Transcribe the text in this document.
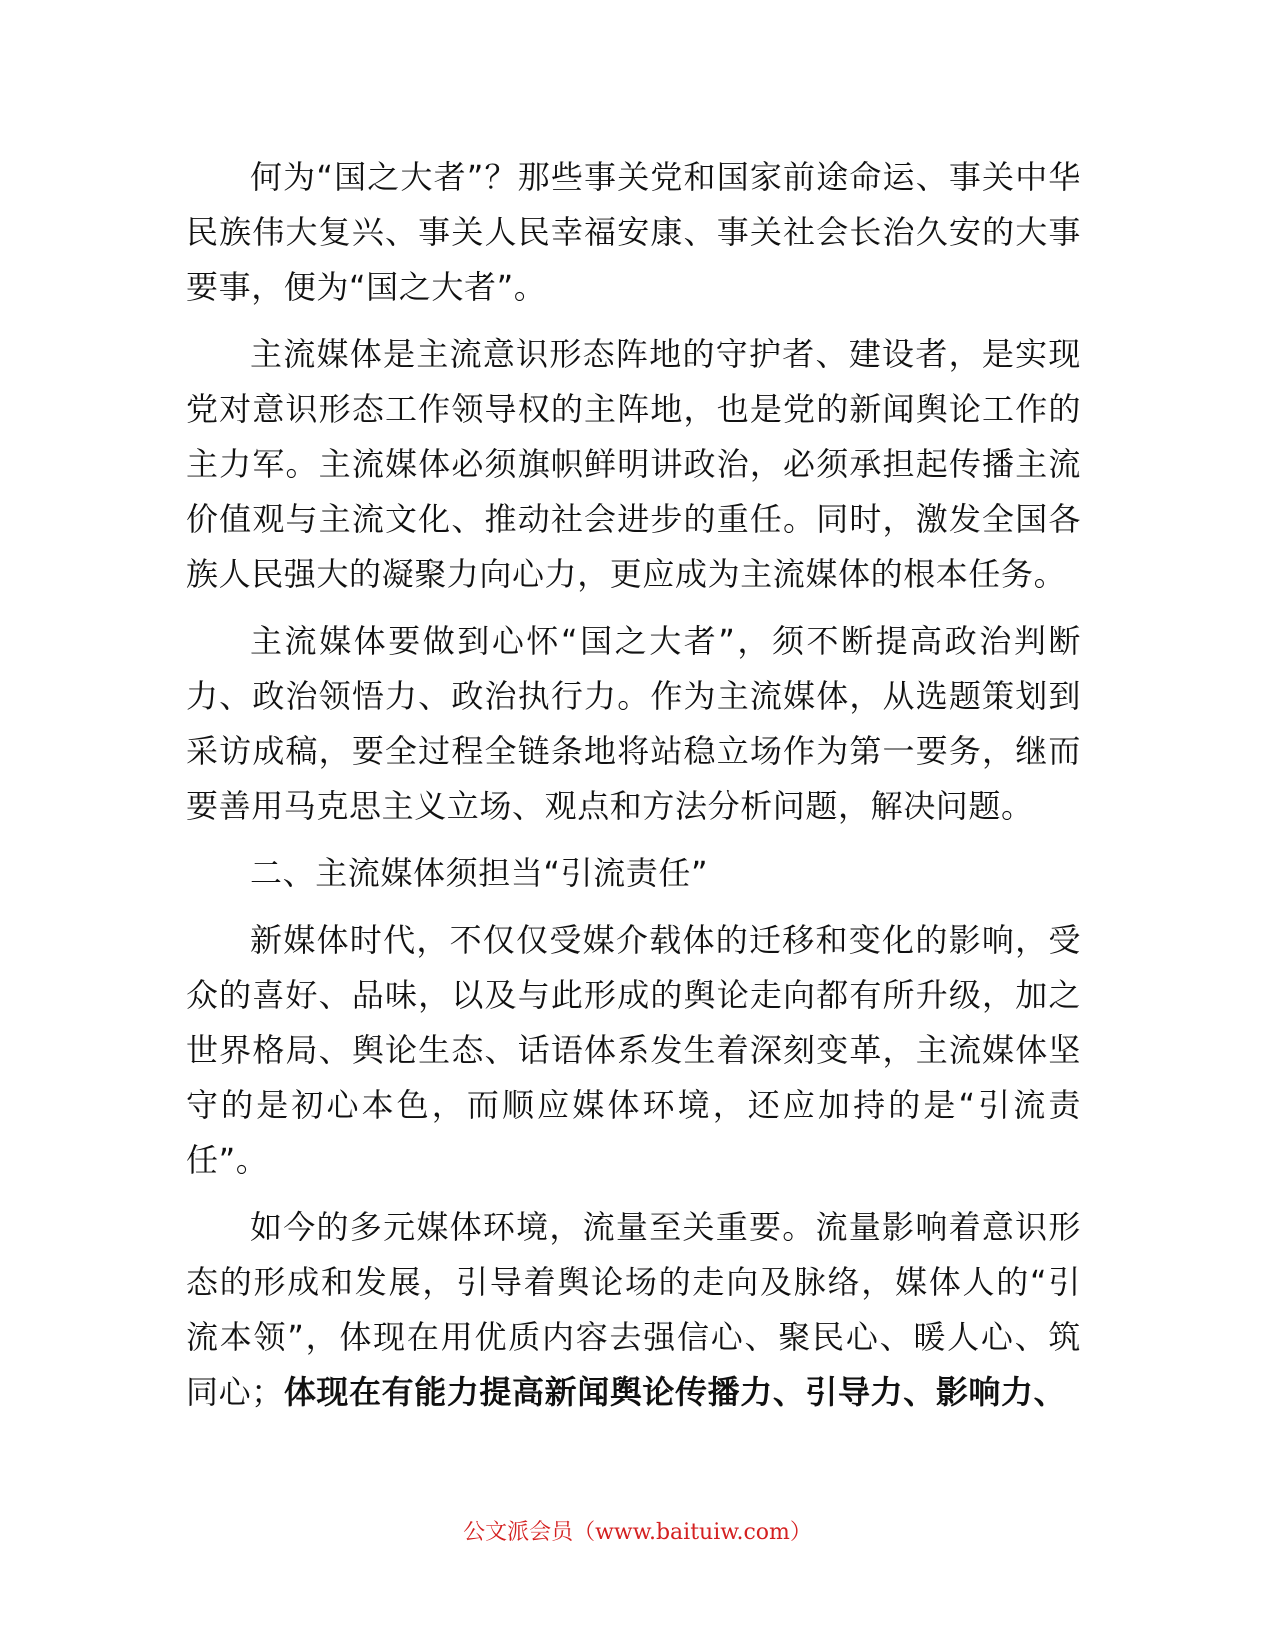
何为“国之大者”？那些事关党和国家前途命运、事关中华民族伟大复兴、事关人民幸福安康、事关社会长治久安的大事要事，便为“国之大者”。

主流媒体是主流意识形态阵地的守护者、建设者，是实现党对意识形态工作领导权的主阵地，也是党的新闻舆论工作的主力军。主流媒体必须旗帜鲜明讲政治，必须承担起传播主流价值观与主流文化、推动社会进步的重任。同时，激发全国各族人民强大的凝聚力向心力，更应成为主流媒体的根本任务。

主流媒体要做到心怀“国之大者”，须不断提高政治判断力、政治领悟力、政治执行力。作为主流媒体，从选题策划到采访成稿，要全过程全链条地将站稳立场作为第一要务，继而要善用马克思主义立场、观点和方法分析问题，解决问题。

二、主流媒体须担当“引流责任”

新媒体时代，不仅仅受媒介载体的迁移和变化的影响，受众的喜好、品味，以及与此形成的舆论走向都有所升级，加之世界格局、舆论生态、话语体系发生着深刻变革，主流媒体坚守的是初心本色，而顺应媒体环境，还应加持的是“引流责任”。

如今的多元媒体环境，流量至关重要。流量影响着意识形态的形成和发展，引导着舆论场的走向及脉络，媒体人的“引流本领”，体现在用优质内容去强信心、聚民心、暖人心、筑同心；体现在有能力提高新闻舆论传播力、引导力、影响力、

公文派会员（www.baituiw.com）
